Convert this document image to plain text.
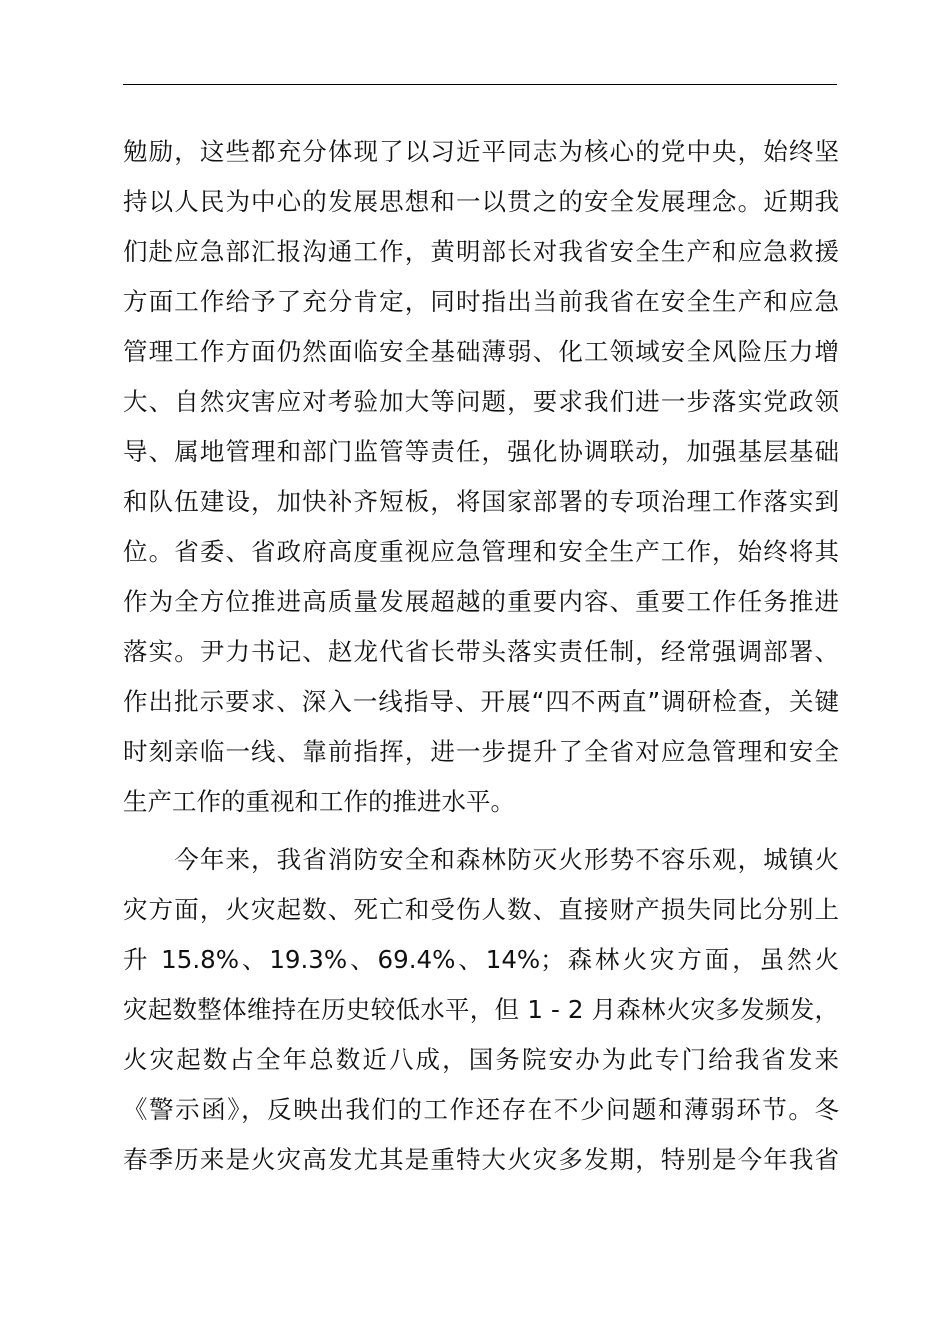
勉励，这些都充分体现了以习近平同志为核心的党中央，始终坚
持以人民为中心的发展思想和一以贯之的安全发展理念。近期我
们赴应急部汇报沟通工作，黄明部长对我省安全生产和应急救援
方面工作给予了充分肯定，同时指出当前我省在安全生产和应急
管理工作方面仍然面临安全基础薄弱、化工领域安全风险压力增
大、自然灾害应对考验加大等问题，要求我们进一步落实党政领
导、属地管理和部门监管等责任，强化协调联动，加强基层基础
和队伍建设，加快补齐短板，将国家部署的专项治理工作落实到
位。省委、省政府高度重视应急管理和安全生产工作，始终将其
作为全方位推进高质量发展超越的重要内容、重要工作任务推进
落实。尹力书记、赵龙代省长带头落实责任制，经常强调部署、
作出批示要求、深入一线指导、开展“四不两直”调研检查，关键
时刻亲临一线、靠前指挥，进一步提升了全省对应急管理和安全
生产工作的重视和工作的推进水平。
　　今年来，我省消防安全和森林防灭火形势不容乐观，城镇火
灾方面，火灾起数、死亡和受伤人数、直接财产损失同比分别上
升 15.8%、19.3%、69.4%、14%；森林火灾方面，虽然火
灾起数整体维持在历史较低水平，但 1 - 2 月森林火灾多发频发，
火灾起数占全年总数近八成，国务院安办为此专门给我省发来
《警示函》，反映出我们的工作还存在不少问题和薄弱环节。冬
春季历来是火灾高发尤其是重特大火灾多发期，特别是今年我省
